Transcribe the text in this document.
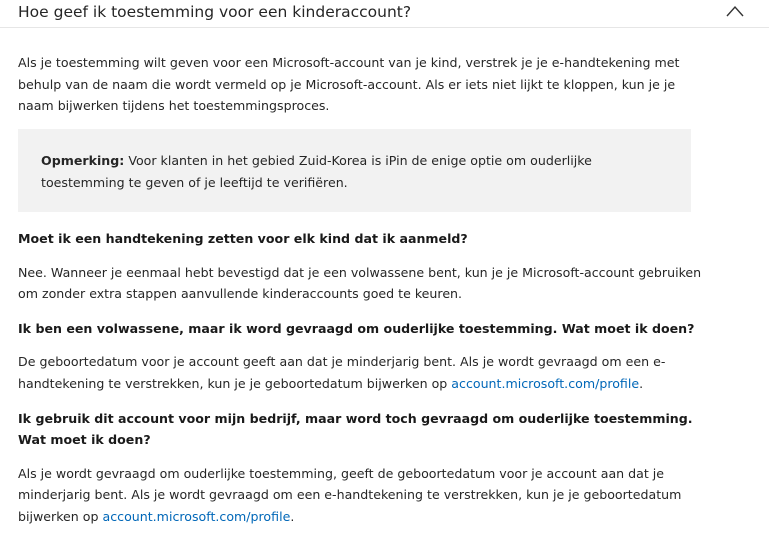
Hoe geef ik toestemming voor een kinderaccount?

Als je toestemming wilt geven voor een Microsoft-account van je kind, verstrek je je e-handtekening met behulp van de naam die wordt vermeld op je Microsoft-account. Als er iets niet lijkt te kloppen, kun je je naam bijwerken tijdens het toestemmingsproces.

Opmerking: Voor klanten in het gebied Zuid-Korea is iPin de enige optie om ouderlijke toestemming te geven of je leeftijd te verifiëren.

Moet ik een handtekening zetten voor elk kind dat ik aanmeld?

Nee. Wanneer je eenmaal hebt bevestigd dat je een volwassene bent, kun je je Microsoft-account gebruiken om zonder extra stappen aanvullende kinderaccounts goed te keuren.

Ik ben een volwassene, maar ik word gevraagd om ouderlijke toestemming. Wat moet ik doen?

De geboortedatum voor je account geeft aan dat je minderjarig bent. Als je wordt gevraagd om een e-handtekening te verstrekken, kun je je geboortedatum bijwerken op account.microsoft.com/profile.

Ik gebruik dit account voor mijn bedrijf, maar word toch gevraagd om ouderlijke toestemming. Wat moet ik doen?

Als je wordt gevraagd om ouderlijke toestemming, geeft de geboortedatum voor je account aan dat je minderjarig bent. Als je wordt gevraagd om een e-handtekening te verstrekken, kun je je geboortedatum bijwerken op account.microsoft.com/profile.
